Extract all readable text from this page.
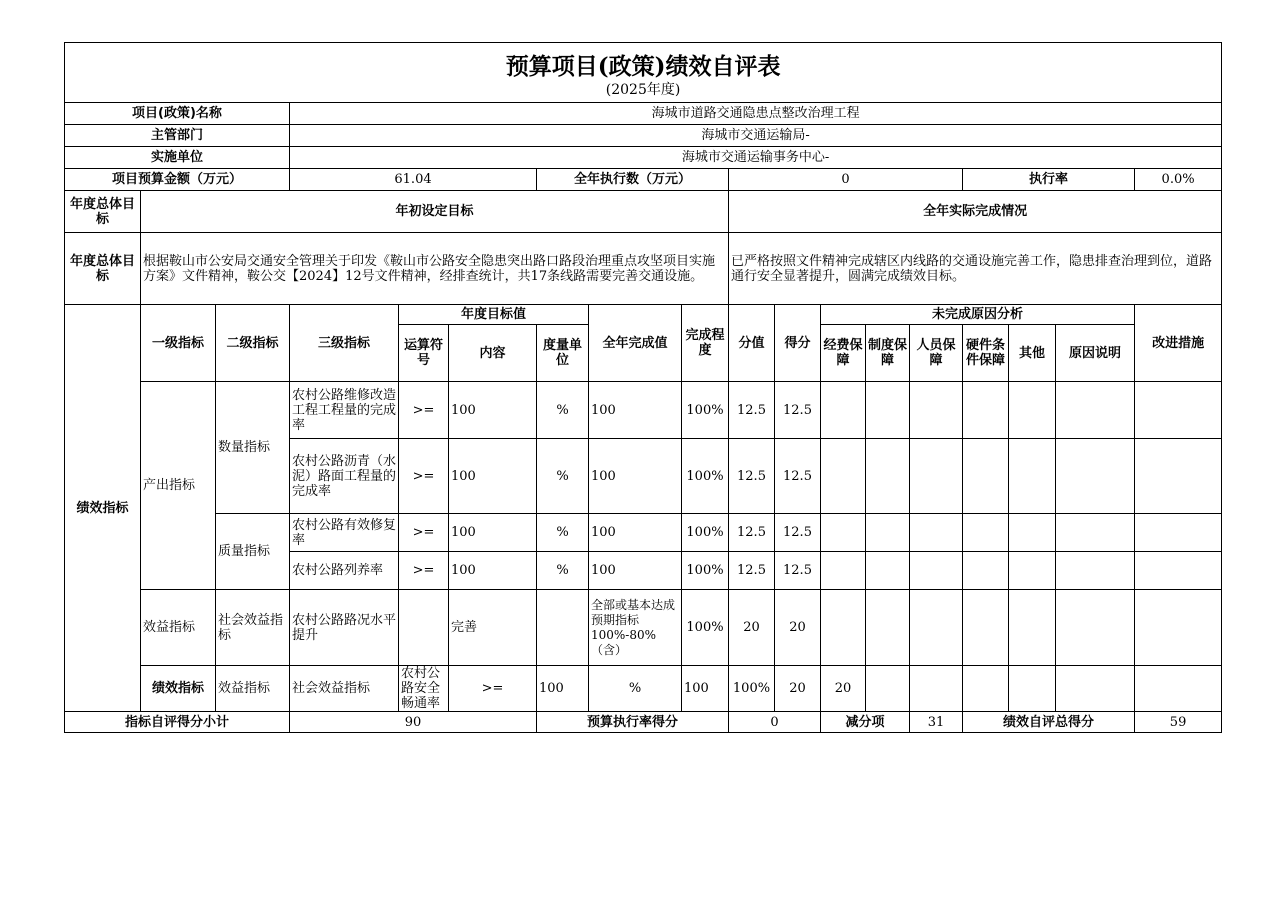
预算项目(政策)绩效自评表
(2025年度)																		

项目(政策)名称			海城市道路交通隐患点整改治理工程															
主管部门			海城市交通运输局-															
实施单位			海城市交通运输事务中心-															
项目预算金额（万元）			61.04			全年执行数（万元）			0					执行率			0.0%	
年度总体目标	年初设定目标								全年实际完成情况									
年度总体目标	根据鞍山市公安局交通安全管理关于印发《鞍山市公路安全隐患突出路口路段治理重点攻坚项目实施方案》文件精神，鞍公交【2024】12号文件精神，经排查统计，共17条线路需要完善交通设施。								已严格按照文件精神完成辖区内线路的交通设施完善工作，隐患排查治理到位，道路通行安全显著提升，圆满完成绩效目标。									
绩效指标	一级指标	二级指标	三级指标	年度目标值			全年完成值	完成程度	分值	得分	未完成原因分析						改进措施	
				运算符号	内容	度量单位					经费保障	制度保障	人员保障	硬件条件保障	其他	原因说明		
	产出指标	数量指标	农村公路维修改造工程工程量的完成率	>=	100	%	100	100%	12.5	12.5								
			农村公路沥青（水泥）路面工程量的完成率	>=	100	%	100	100%	12.5	12.5								
		质量指标	农村公路有效修复率	>=	100	%	100	100%	12.5	12.5								
			农村公路列养率	>=	100	%	100	100%	12.5	12.5								
	效益指标	社会效益指标	农村公路路况水平提升		完善		全部或基本达成预期指标100%-80%（含）	100%	20	20								
	绩效指标	效益指标	社会效益指标	农村公路安全畅通率	>=	100	%	100	100%	20	20							
指标自评得分小计			90			预算执行率得分			0		减分项		31	绩效自评总得分			59	
